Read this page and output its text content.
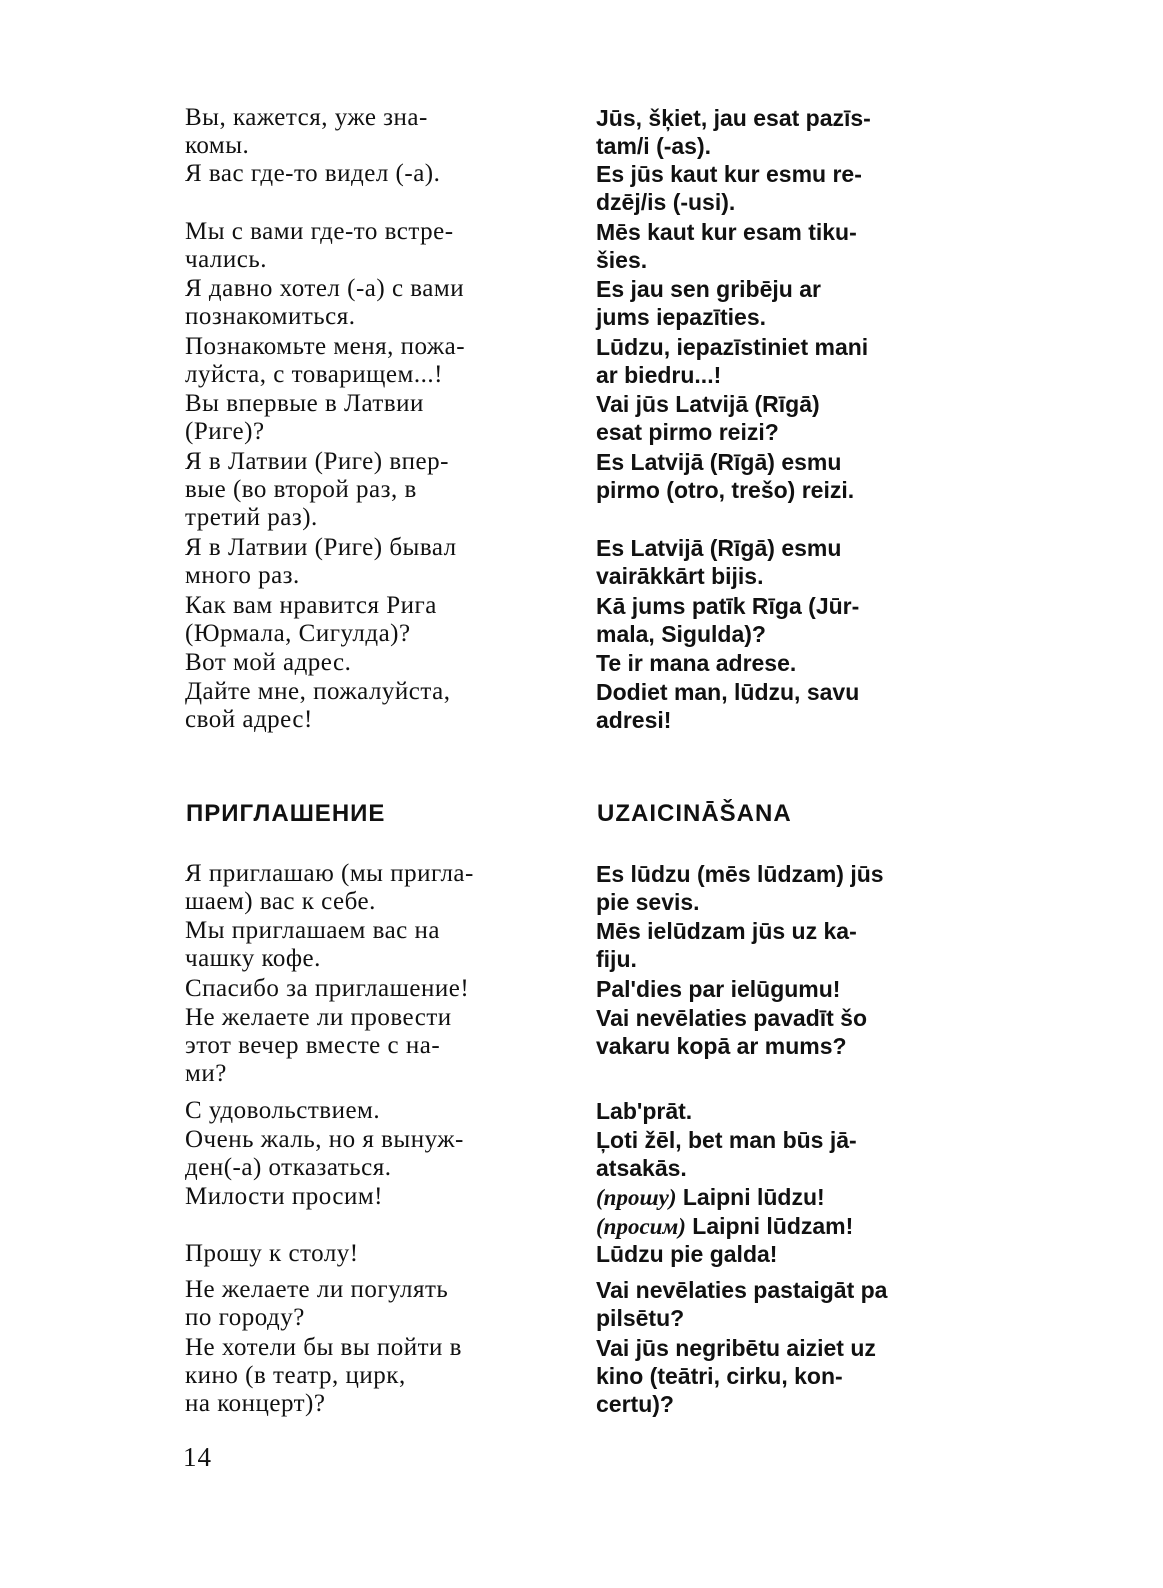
Вы, кажется, уже зна-
комы.
Я вас где-то видел (-а).
Мы с вами где-то встре-
чались.
Я давно хотел (-а) с вами
познакомиться.
Познакомьте меня, пожа-
луйста, с товарищем...!
Вы впервые в Латвии
(Риге)?
Я в Латвии (Риге) впер-
вые (во второй раз, в
третий раз).
Я в Латвии (Риге) бывал
много раз.
Как вам нравится Рига
(Юрмала, Сигулда)?
Вот мой адрес.
Дайте мне, пожалуйста,
свой адрес!
Jūs, šķiet, jau esat pazīs-
tam/i (-as).
Es jūs kaut kur esmu re-
dzēj/is (-usi).
Mēs kaut kur esam tiku-
šies.
Es jau sen gribēju ar
jums iepazīties.
Lūdzu, iepazīstiniet mani
ar biedru...!
Vai jūs Latvijā (Rīgā)
esat pirmo reizi?
Es Latvijā (Rīgā) esmu
pirmo (otro, trešo) reizi.
Es Latvijā (Rīgā) esmu
vairākkārt bijis.
Kā jums patīk Rīga (Jūr-
mala, Sigulda)?
Te ir mana adrese.
Dodiet man, lūdzu, savu
adresi!
ПРИГЛАШЕНИЕ	UZAICINĀŠANA
Я приглашаю (мы пригла-
шаем) вас к себе.
Мы приглашаем вас на
чашку кофе.
Спасибо за приглашение!
Не желаете ли провести
этот вечер вместе с на-
ми?
С удовольствием.
Очень жаль, но я вынуж-
ден(-а) отказаться.
Милости просим!
Прошу к столу!
Не желаете ли погулять
по городу?
Не хотели бы вы пойти в
кино (в театр, цирк,
на концерт)?
Es lūdzu (mēs lūdzam) jūs
pie sevis.
Mēs ielūdzam jūs uz ka-
fiju.
Pal'dies par ielūgumu!
Vai nevēlaties pavadīt šo
vakaru kopā ar mums?
Lab'prāt.
Ļoti žēl, bet man būs jā-
atsakās.
(прошу) Laipni lūdzu!
(просим) Laipni lūdzam!
Lūdzu pie galda!
Vai nevēlaties pastaigāt pa
pilsētu?
Vai jūs negribētu aiziet uz
kino (teātri, cirku, kon-
certu)?
14
